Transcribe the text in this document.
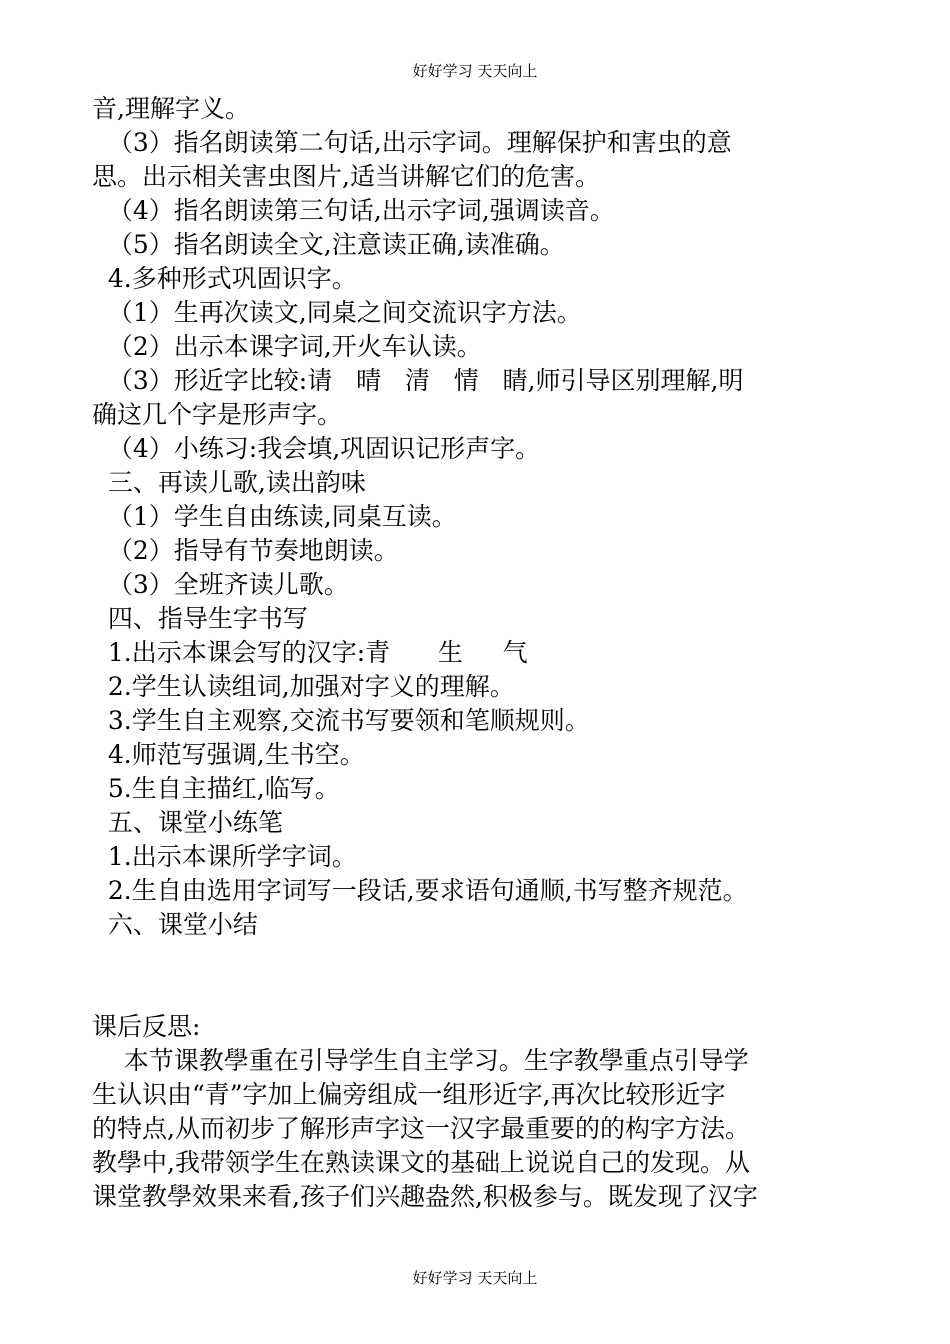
好好学习 天天向上
音,理解字义。
（3）指名朗读第二句话,出示字词。理解保护和害虫的意
思。出示相关害虫图片,适当讲解它们的危害。
（4）指名朗读第三句话,出示字词,强调读音。
（5）指名朗读全文,注意读正确,读准确。
4.多种形式巩固识字。
（1）生再次读文,同桌之间交流识字方法。
（2）出示本课字词,开火车认读。
（3）形近字比较:请   晴   清   情   睛,师引导区别理解,明
确这几个字是形声字。
（4）小练习:我会填,巩固识记形声字。
三、再读儿歌,读出韵味
（1）学生自由练读,同桌互读。
（2）指导有节奏地朗读。
（3）全班齐读儿歌。
四、指导生字书写
1.出示本课会写的汉字:青      生     气
2.学生认读组词,加强对字义的理解。
3.学生自主观察,交流书写要领和笔顺规则。
4.师范写强调,生书空。
5.生自主描红,临写。
五、课堂小练笔
1.出示本课所学字词。
2.生自由选用字词写一段话,要求语句通顺,书写整齐规范。
六、课堂小结
课后反思:
本节课教學重在引导学生自主学习。生字教學重点引导学
生认识由“青”字加上偏旁组成一组形近字,再次比较形近字
的特点,从而初步了解形声字这一汉字最重要的的构字方法。
教學中,我带领学生在熟读课文的基础上说说自己的发现。从
课堂教學效果来看,孩子们兴趣盎然,积极参与。既发现了汉字
好好学习 天天向上
